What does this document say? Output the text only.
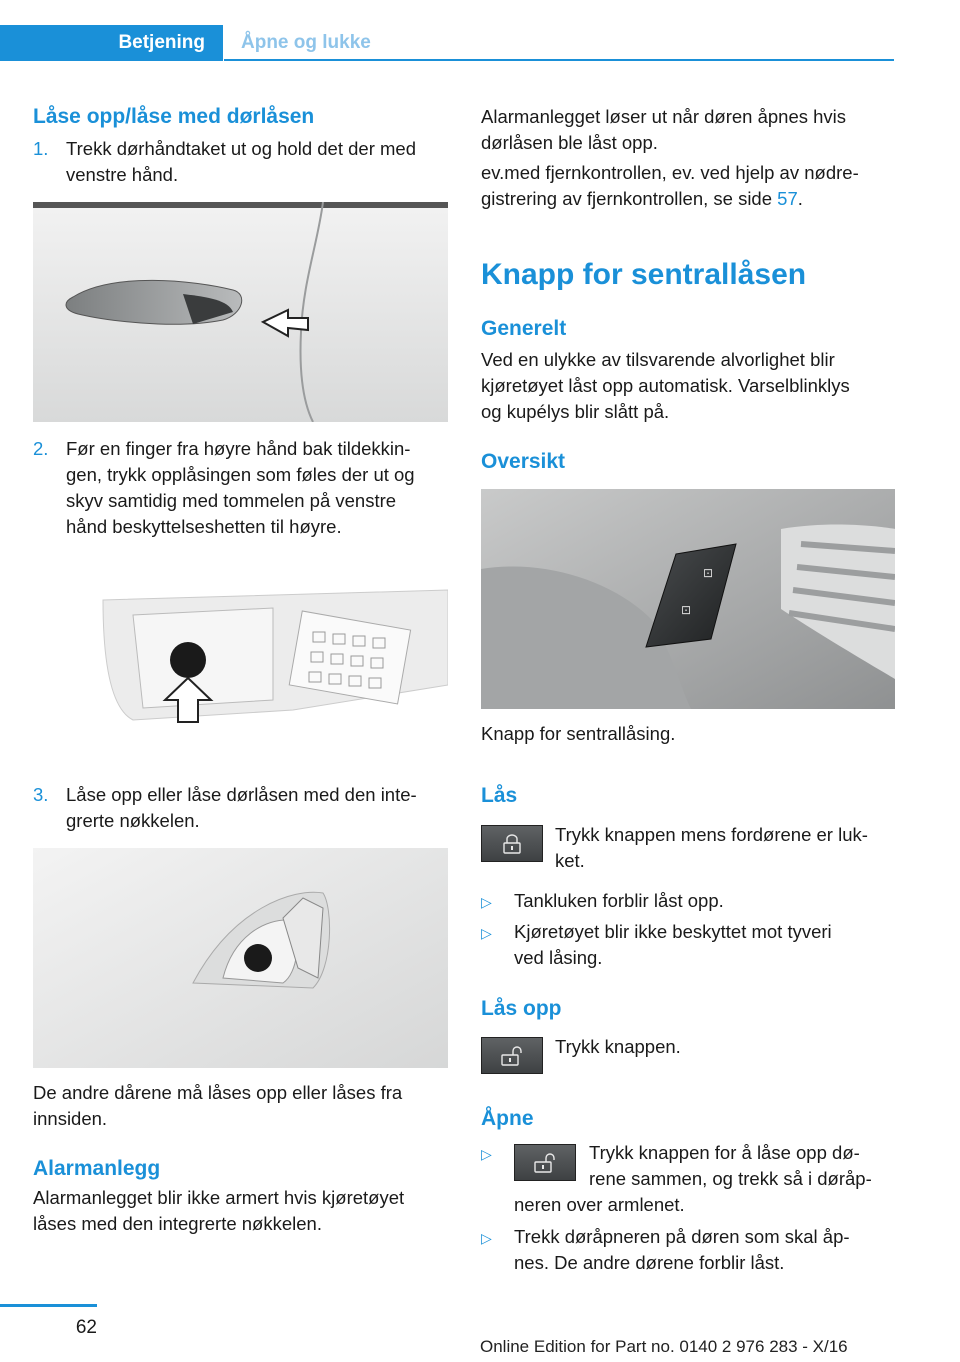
Betjening	Åpne og lukke
Låse opp/låse med dørlåsen
1. Trekk dørhåndtaket ut og hold det der med
venstre hånd.
2. Før en finger fra høyre hånd bak tildekkin-
gen, trykk opplåsingen som føles der ut og
skyv samtidig med tommelen på venstre
hånd beskyttelseshetten til høyre.
3. Låse opp eller låse dørlåsen med den inte-
grerte nøkkelen.
De andre dårene må låses opp eller låses fra
innsiden.
Alarmanlegg
Alarmanlegget blir ikke armert hvis kjøretøyet
låses med den integrerte nøkkelen.
Alarmanlegget løser ut når døren åpnes hvis
dørlåsen ble låst opp.
ev.med fjernkontrollen, ev. ved hjelp av nødre-
gistrering av fjernkontrollen, se side 57.
Knapp for sentrallåsen
Generelt
Ved en ulykke av tilsvarende alvorlighet blir
kjøretøyet låst opp automatisk. Varselblinklys
og kupélys blir slått på.
Oversikt
⊡
⊡
Knapp for sentrallåsing.
Lås
Trykk knappen mens fordørene er luk-
ket.
▷	Tankluken forblir låst opp.
▷	Kjøretøyet blir ikke beskyttet mot tyveri
ved låsing.
Lås opp
Trykk knappen.
Åpne
▷	Trykk knappen for å låse opp dø-
rene sammen, og trekk så i døråp-
neren over armlenet.
▷	Trekk døråpneren på døren som skal åp-
nes. De andre dørene forblir låst.
62
Online Edition for Part no. 0140 2 976 283 - X/16
